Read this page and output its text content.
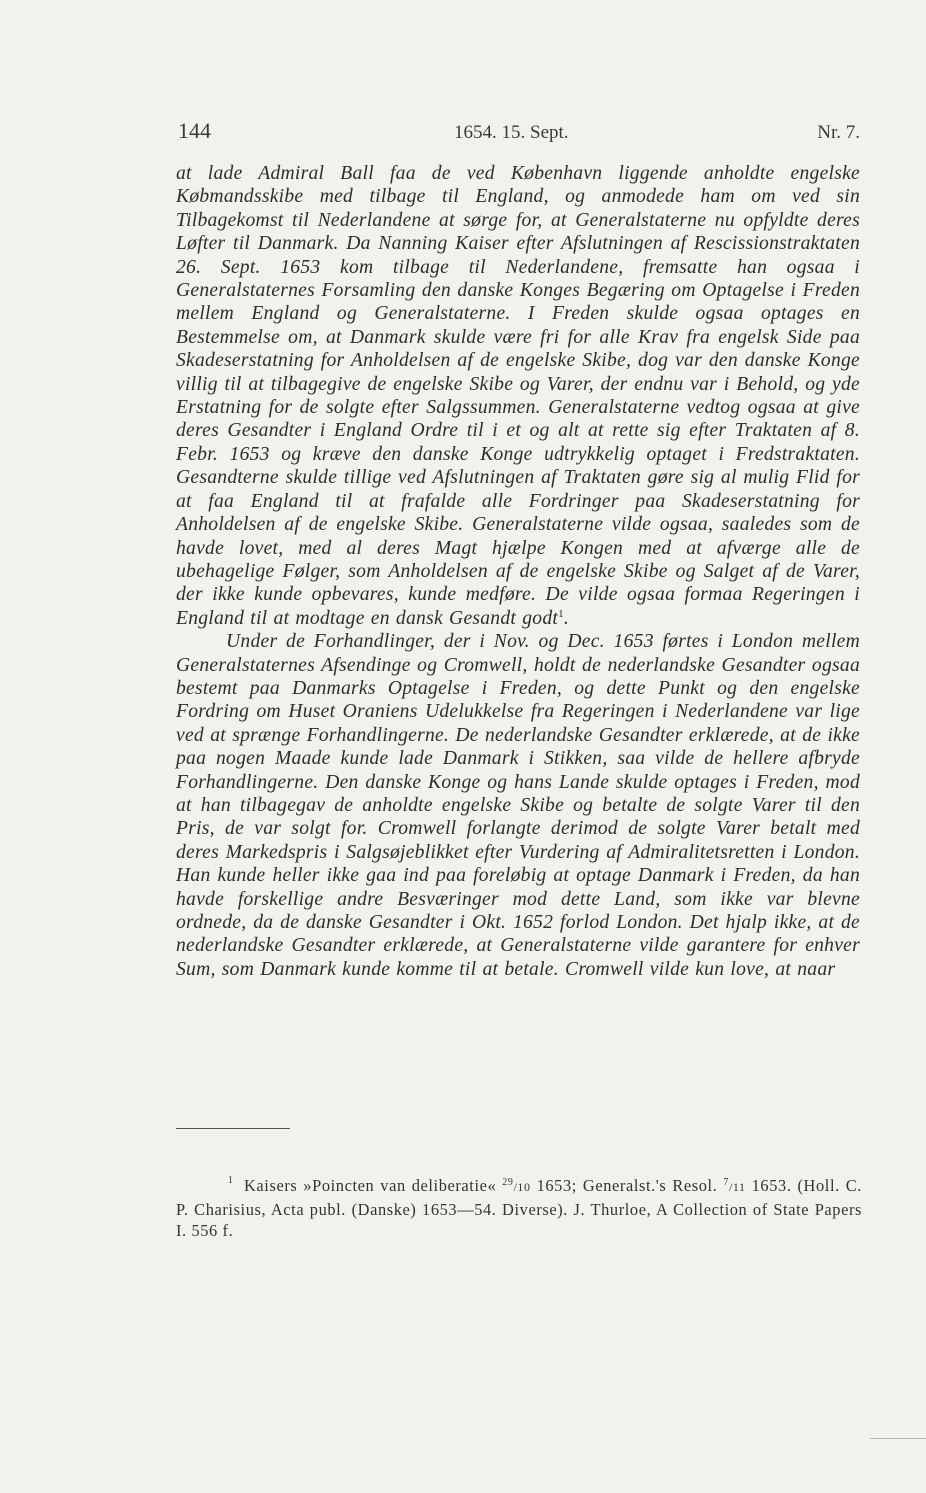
144	1654. 15. Sept.	Nr. 7.

at lade Admiral Ball faa de ved København liggende anholdte engelske Købmandsskibe med tilbage til England, og anmodede ham om ved sin Tilbagekomst til Nederlandene at sørge for, at Generalstaterne nu opfyldte deres Løfter til Danmark. Da Nanning Kaiser efter Afslutningen af Rescissionstraktaten 26. Sept. 1653 kom tilbage til Nederlandene, fremsatte han ogsaa i Generalstaternes Forsamling den danske Konges Begæring om Optagelse i Freden mellem England og Generalstaterne. I Freden skulde ogsaa optages en Bestemmelse om, at Danmark skulde være fri for alle Krav fra engelsk Side paa Skadeserstatning for Anholdelsen af de engelske Skibe, dog var den danske Konge villig til at tilbagegive de engelske Skibe og Varer, der endnu var i Behold, og yde Erstatning for de solgte efter Salgssummen. Generalstaterne vedtog ogsaa at give deres Gesandter i England Ordre til i et og alt at rette sig efter Traktaten af 8. Febr. 1653 og kræve den danske Konge udtrykkelig optaget i Fredstraktaten. Gesandterne skulde tillige ved Afslutningen af Traktaten gøre sig al mulig Flid for at faa England til at frafalde alle Fordringer paa Skadeserstatning for Anholdelsen af de engelske Skibe. Generalstaterne vilde ogsaa, saaledes som de havde lovet, med al deres Magt hjælpe Kongen med at afværge alle de ubehagelige Følger, som Anholdelsen af de engelske Skibe og Salget af de Varer, der ikke kunde opbevares, kunde medføre. De vilde ogsaa formaa Regeringen i England til at modtage en dansk Gesandt godt$^1$.

Under de Forhandlinger, der i Nov. og Dec. 1653 førtes i London mellem Generalstaternes Afsendinge og Cromwell, holdt de nederlandske Gesandter ogsaa bestemt paa Danmarks Optagelse i Freden, og dette Punkt og den engelske Fordring om Huset Oraniens Udelukkelse fra Regeringen i Nederlandene var lige ved at sprænge Forhandlingerne. De nederlandske Gesandter erklærede, at de ikke paa nogen Maade kunde lade Danmark i Stikken, saa vilde de hellere afbryde Forhandlingerne. Den danske Konge og hans Lande skulde optages i Freden, mod at han tilbagegav de anholdte engelske Skibe og betalte de solgte Varer til den Pris, de var solgt for. Cromwell forlangte derimod de solgte Varer betalt med deres Markedspris i Salgsøjeblikket efter Vurdering af Admiralitetsretten i London. Han kunde heller ikke gaa ind paa foreløbig at optage Danmark i Freden, da han havde forskellige andre Besværinger mod dette Land, som ikke var blevne ordnede, da de danske Gesandter i Okt. 1652 forlod London. Det hjalp ikke, at de nederlandske Gesandter erklærede, at Generalstaterne vilde garantere for enhver Sum, som Danmark kunde komme til at betale. Cromwell vilde kun love, at naar

1 Kaisers »Poincten van deliberatie« $^{29}$/10 1653; Generalst.'s Resol. $^7$/11 1653. (Holl. C. P. Charisius, Acta publ. (Danske) 1653—54. Diverse). J. Thurloe, A Collection of State Papers I. 556 f.
